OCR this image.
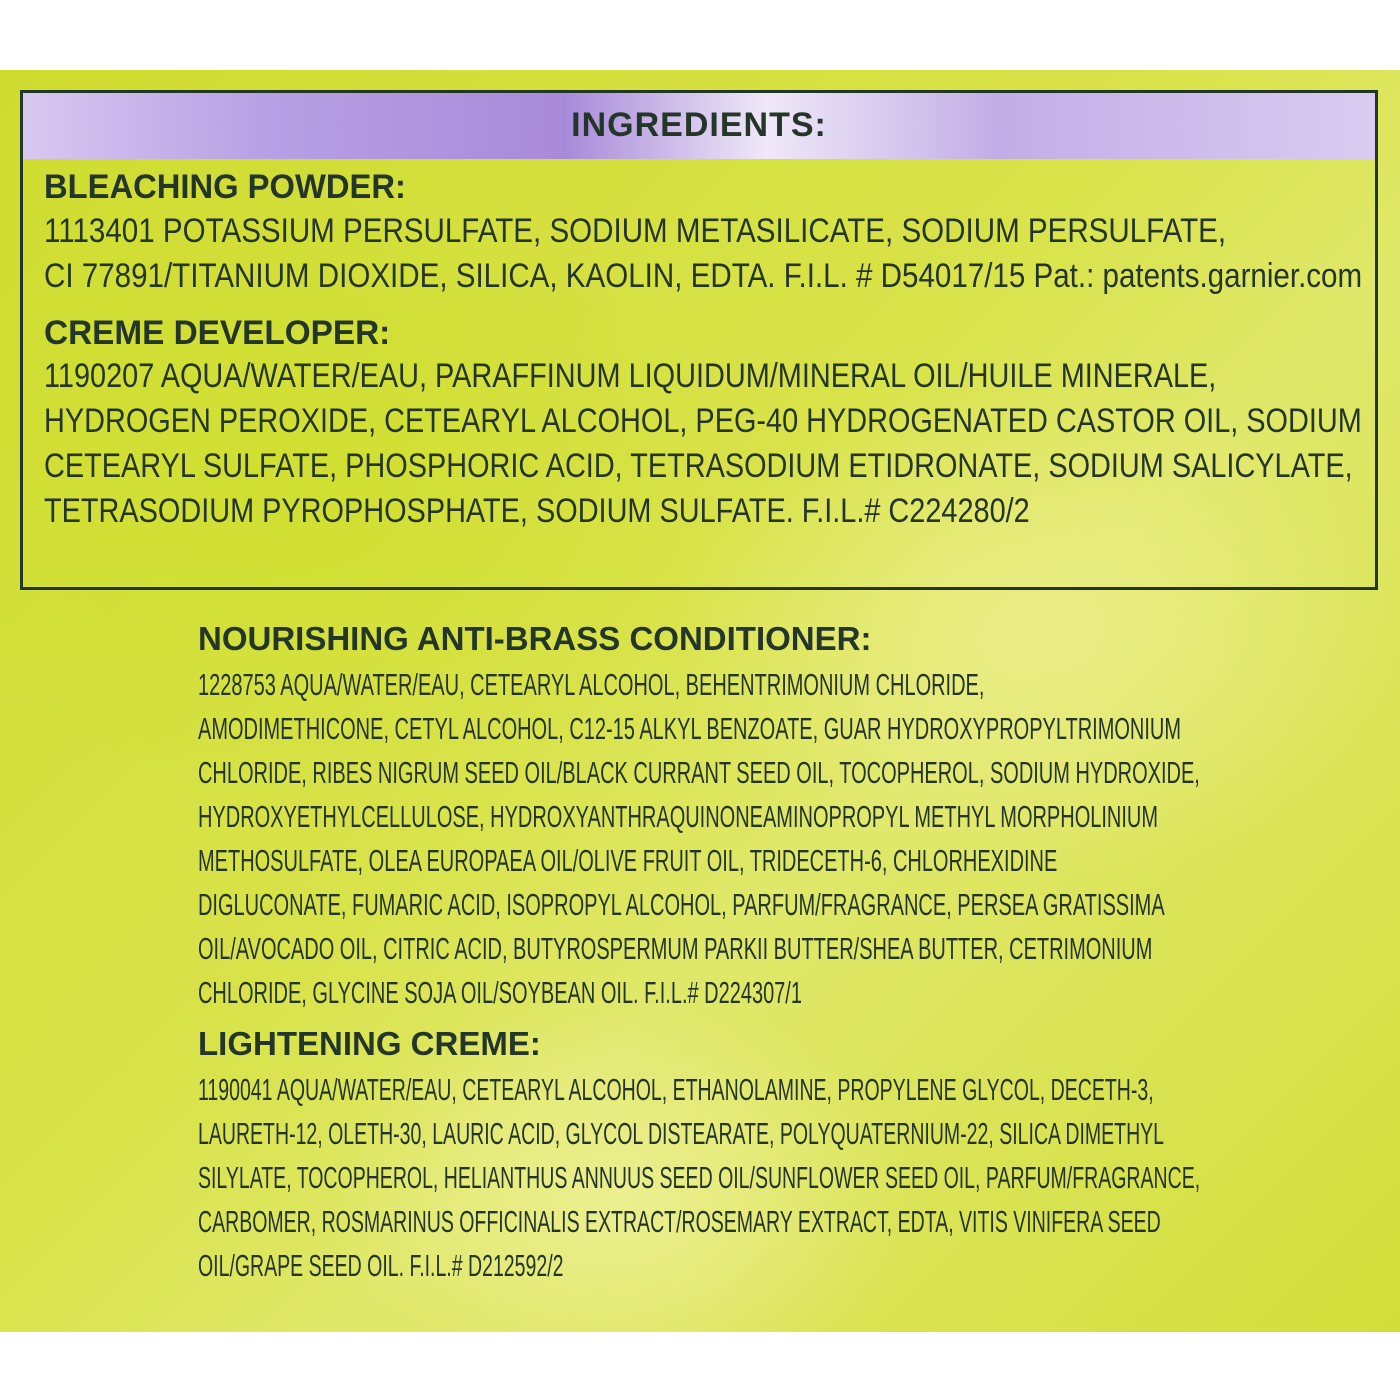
INGREDIENTS:
BLEACHING POWDER:
1113401 POTASSIUM PERSULFATE, SODIUM METASILICATE, SODIUM PERSULFATE,
CI 77891/TITANIUM DIOXIDE, SILICA, KAOLIN, EDTA. F.I.L. # D54017/15 Pat.: patents.garnier.com
CREME DEVELOPER:
1190207 AQUA/WATER/EAU, PARAFFINUM LIQUIDUM/MINERAL OIL/HUILE MINERALE,
HYDROGEN PEROXIDE, CETEARYL ALCOHOL, PEG-40 HYDROGENATED CASTOR OIL, SODIUM
CETEARYL SULFATE, PHOSPHORIC ACID, TETRASODIUM ETIDRONATE, SODIUM SALICYLATE,
TETRASODIUM PYROPHOSPHATE, SODIUM SULFATE. F.I.L.# C224280/2
NOURISHING ANTI-BRASS CONDITIONER:
1228753 AQUA/WATER/EAU, CETEARYL ALCOHOL, BEHENTRIMONIUM CHLORIDE,
AMODIMETHICONE, CETYL ALCOHOL, C12-15 ALKYL BENZOATE, GUAR HYDROXYPROPYLTRIMONIUM
CHLORIDE, RIBES NIGRUM SEED OIL/BLACK CURRANT SEED OIL, TOCOPHEROL, SODIUM HYDROXIDE,
HYDROXYETHYLCELLULOSE, HYDROXYANTHRAQUINONEAMINOPROPYL METHYL MORPHOLINIUM
METHOSULFATE, OLEA EUROPAEA OIL/OLIVE FRUIT OIL, TRIDECETH-6, CHLORHEXIDINE
DIGLUCONATE, FUMARIC ACID, ISOPROPYL ALCOHOL, PARFUM/FRAGRANCE, PERSEA GRATISSIMA
OIL/AVOCADO OIL, CITRIC ACID, BUTYROSPERMUM PARKII BUTTER/SHEA BUTTER, CETRIMONIUM
CHLORIDE, GLYCINE SOJA OIL/SOYBEAN OIL. F.I.L.# D224307/1
LIGHTENING CREME:
1190041 AQUA/WATER/EAU, CETEARYL ALCOHOL, ETHANOLAMINE, PROPYLENE GLYCOL, DECETH-3,
LAURETH-12, OLETH-30, LAURIC ACID, GLYCOL DISTEARATE, POLYQUATERNIUM-22, SILICA DIMETHYL
SILYLATE, TOCOPHEROL, HELIANTHUS ANNUUS SEED OIL/SUNFLOWER SEED OIL, PARFUM/FRAGRANCE,
CARBOMER, ROSMARINUS OFFICINALIS EXTRACT/ROSEMARY EXTRACT, EDTA, VITIS VINIFERA SEED
OIL/GRAPE SEED OIL. F.I.L.# D212592/2
